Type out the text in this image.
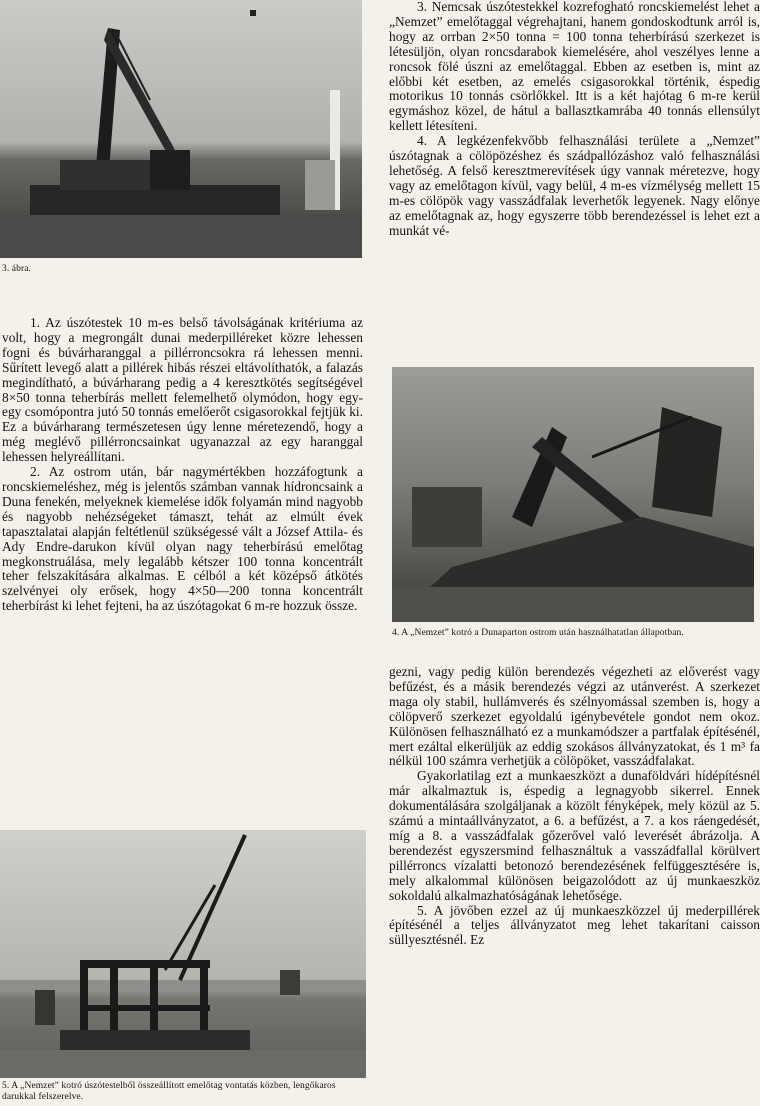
3. ábra.

1. Az úszótestek 10 m-es belső távolságának kritériuma az volt, hogy a megrongált dunai mederpilléreket közre lehessen fogni és búvárharanggal a pillérroncsokra rá lehessen menni. Sűrített levegő alatt a pillérek hibás részei eltávolíthatók, a falazás megindítható, a búvárharang pedig a 4 keresztkötés segítségével 8×50 tonna teherbírás mellett felemelhető olymódon, hogy egy-egy csomópontra jutó 50 tonnás emelőerőt csigasorokkal fejtjük ki. Ez a búvárharang természetesen úgy lenne méretezendő, hogy a még meglévő pillérroncsainkat ugyanazzal az egy haranggal lehessen helyreállítani.

2. Az ostrom után, bár nagymértékben hozzáfogtunk a roncskiemeléshez, még is jelentős számban vannak hídroncsaink a Duna fenekén, melyeknek kiemelése idők folyamán mind nagyobb és nagyobb nehézségeket támaszt, tehát az elmúlt évek tapasztalatai alapján feltétlenül szükségessé vált a József Attila- és Ady Endre-darukon kívül olyan nagy teherbírású emelőtag megkonstruálása, mely legalább kétszer 100 tonna koncentrált teher felszakítására alkalmas. E célból a két középső átkötés szelvényei oly erősek, hogy 4×50—200 tonna koncentrált teherbírást ki lehet fejteni, ha az úszótagokat 6 m-re hozzuk össze.

5. A „Nemzet” kotró úszótestelből összeállított emelőtag vontatás közben, lengőkaros darukkal felszerelve.

3. Nemcsak úszótestekkel kozrefogható roncskiemelést lehet a „Nemzet” emelőtaggal végrehajtani, hanem gondoskodtunk arról is, hogy az orrban 2×50 tonna = 100 tonna teherbírású szerkezet is létesüljön, olyan roncsdarabok kiemelésére, ahol veszélyes lenne a roncsok fölé úszni az emelőtaggal. Ebben az esetben is, mint az előbbi két esetben, az emelés csigasorokkal történik, éspedig motorikus 10 tonnás csörlőkkel. Itt is a két hajótag 6 m-re kerül egymáshoz közel, de hátul a ballasztkamrába 40 tonnás ellensúlyt kellett létesíteni.

4. A legkézenfekvőbb felhasználási területe a „Nemzet” úszótagnak a cölöpözéshez és szádpallózáshoz való felhasználási lehetőség. A felső keresztmerevítések úgy vannak méretezve, hogy vagy az emelőtagon kívül, vagy belül, 4 m-es vízmélység mellett 15 m-es cölöpök vagy vasszádfalak leverhetők legyenek. Nagy előnye az emelőtagnak az, hogy egyszerre több berendezéssel is lehet ezt a munkát vé-

4. A „Nemzet” kotró a Dunaparton ostrom után használhatatlan állapotban.

gezni, vagy pedig külön berendezés végezheti az előverést vagy befűzést, és a másik berendezés végzi az utánverést. A szerkezet maga oly stabil, hullámverés és szélnyomással szemben is, hogy a cölöpverő szerkezet egyoldalú igénybevétele gondot nem okoz. Különösen felhasználható ez a munkamódszer a partfalak építésénél, mert ezáltal elkerüljük az eddig szokásos állványzatokat, és 1 m³ fa nélkül 100 számra verhetjük a cölöpöket, vasszádfalakat.

Gyakorlatilag ezt a munkaeszközt a dunaföldvári hídépítésnél már alkalmaztuk is, éspedig a legnagyobb sikerrel. Ennek dokumentálására szolgáljanak a közölt fényképek, mely közül az 5. számú a mintaállványzatot, a 6. a befűzést, a 7. a kos ráengedését, míg a 8. a vasszádfalak gőzerővel való leverését ábrázolja. A berendezést egyszersmind felhasználtuk a vasszádfallal körülvert pillérroncs vízalatti betonozó berendezésének felfüggesztésére is, mely alkalommal különösen beigazolódott az új munkaeszköz sokoldalú alkalmazhatóságának lehetősége.

5. A jövőben ezzel az új munkaeszközzel új mederpillérek építésénél a teljes állványzatot meg lehet takarítani caisson süllyesztésnél. Ez
